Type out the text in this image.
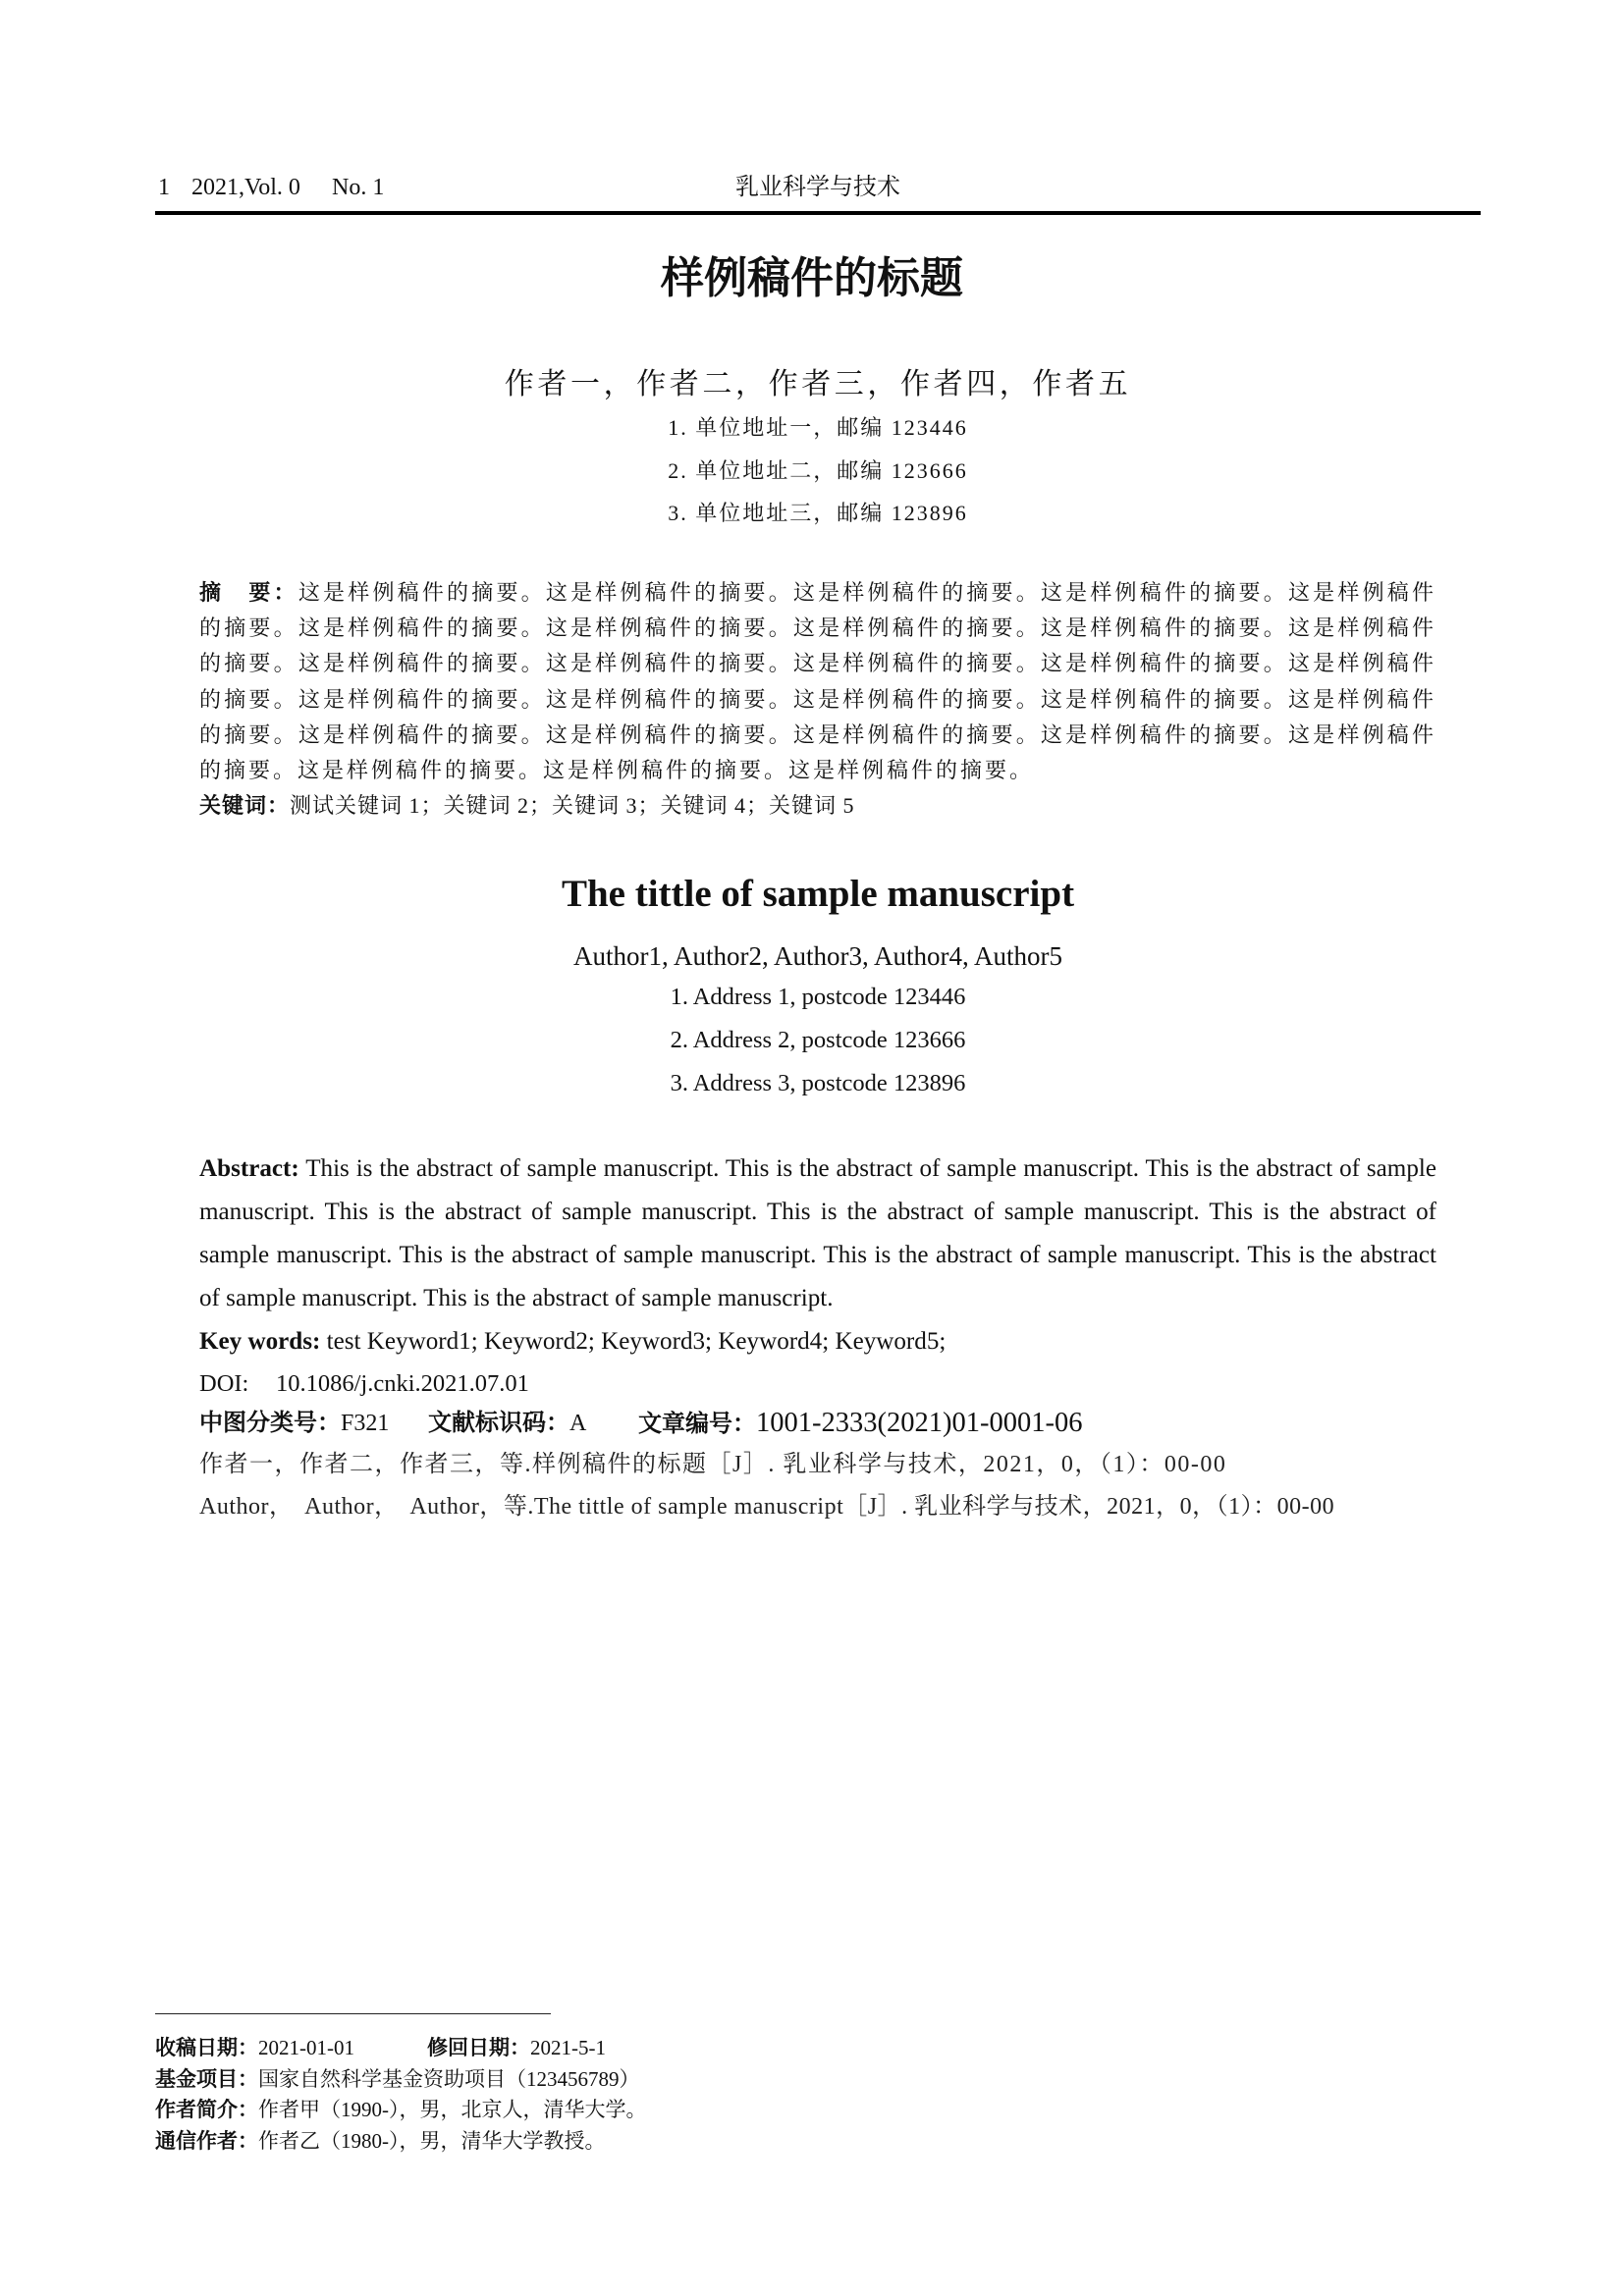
1 2021,Vol. 0 No. 1	乳业科学与技术
样例稿件的标题
作者一，作者二，作者三，作者四，作者五
1. 单位地址一，邮编 123446
2. 单位地址二，邮编 123666
3. 单位地址三，邮编 123896
摘　要：这是样例稿件的摘要。这是样例稿件的摘要。这是样例稿件的摘要。这是样例稿件的摘要。这是样例稿件的摘要。这是样例稿件的摘要。这是样例稿件的摘要。这是样例稿件的摘要。这是样例稿件的摘要。这是样例稿件的摘要。这是样例稿件的摘要。这是样例稿件的摘要。这是样例稿件的摘要。这是样例稿件的摘要。这是样例稿件的摘要。这是样例稿件的摘要。这是样例稿件的摘要。这是样例稿件的摘要。这是样例稿件的摘要。这是样例稿件的摘要。这是样例稿件的摘要。这是样例稿件的摘要。这是样例稿件的摘要。这是样例稿件的摘要。这是样例稿件的摘要。这是样例稿件的摘要。这是样例稿件的摘要。这是样例稿件的摘要。
关键词：测试关键词 1；关键词 2；关键词 3；关键词 4；关键词 5
The tittle of sample manuscript
Author1, Author2, Author3, Author4, Author5
1. Address 1, postcode 123446
2. Address 2, postcode 123666
3. Address 3, postcode 123896
Abstract: This is the abstract of sample manuscript. This is the abstract of sample manuscript. This is the abstract of sample manuscript. This is the abstract of sample manuscript. This is the abstract of sample manuscript. This is the abstract of sample manuscript. This is the abstract of sample manuscript. This is the abstract of sample manuscript. This is the abstract of sample manuscript. This is the abstract of sample manuscript.
Key words: test Keyword1; Keyword2; Keyword3; Keyword4; Keyword5;
DOI: 10.1086/j.cnki.2021.07.01
中图分类号：F321 文献标识码：A 文章编号：1001-2333(2021)01-0001-06
作者一，作者二，作者三，等.样例稿件的标题［J］. 乳业科学与技术，2021，0，（1）：00-00
Author，  Author，  Author，等.The tittle of sample manuscript［J］. 乳业科学与技术，2021，0，（1）：00-00
收稿日期：2021-01-01	修回日期：2021-5-1
基金项目：国家自然科学基金资助项目（123456789）
作者简介：作者甲（1990-），男，北京人，清华大学。
通信作者：作者乙（1980-），男，清华大学教授。
